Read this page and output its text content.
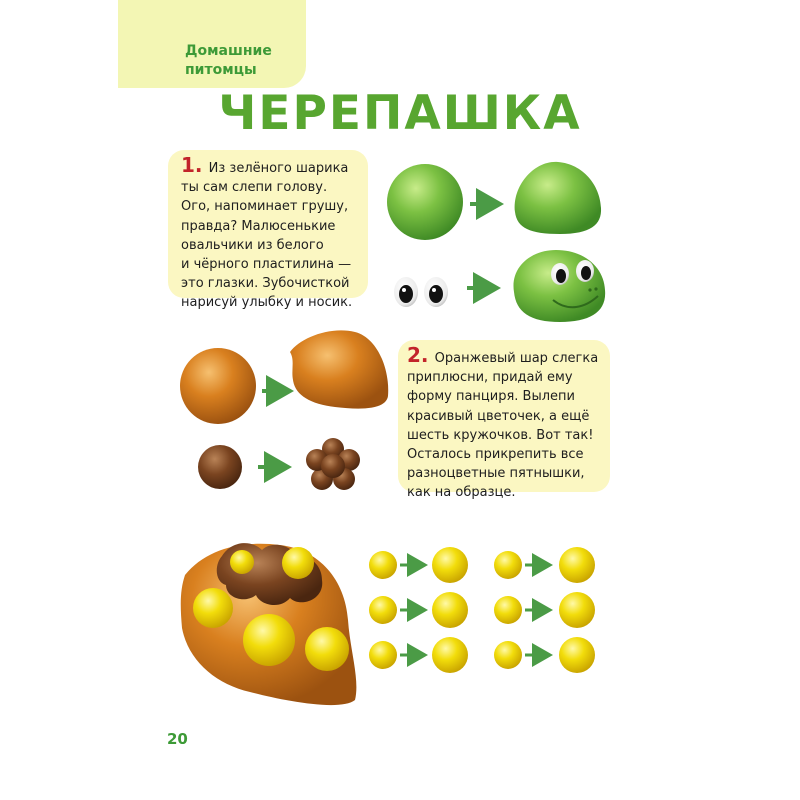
Домашние
питомцы
ЧЕРЕПАШКА
1. Из зелёного шарика
ты сам слепи голову.
Ого, напоминает грушу,
правда? Малюсенькие
овальчики из белого
и чёрного пластилина —
это глазки. Зубочисткой
нарисуй улыбку и носик.
2. Оранжевый шар слегка
приплюсни, придай ему
форму панциря. Вылепи
красивый цветочек, а ещё
шесть кружочков. Вот так!
Осталось прикрепить все
разноцветные пятнышки,
как на образце.
20
